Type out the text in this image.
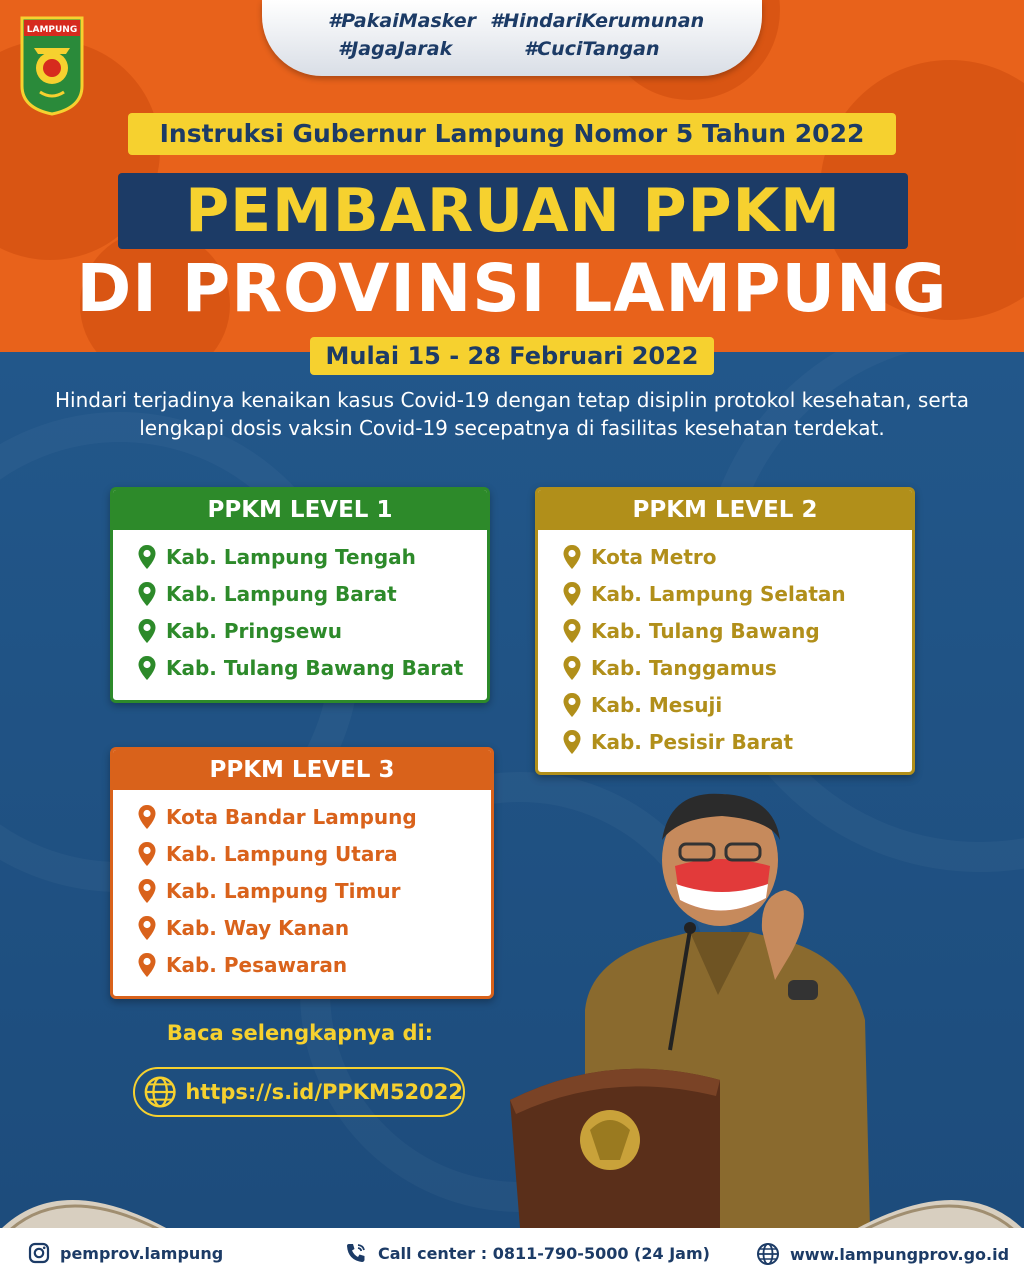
#PakaiMasker #HindariKerumunan
#JagaJarak	#CuciTangan
LAMPUNG
Instruksi Gubernur Lampung Nomor 5 Tahun 2022
PEMBARUAN PPKM
DI PROVINSI LAMPUNG
Mulai 15 - 28 Februari 2022
Hindari terjadinya kenaikan kasus Covid-19 dengan tetap disiplin protokol kesehatan, serta lengkapi dosis vaksin Covid-19 secepatnya di fasilitas kesehatan terdekat.
PPKM LEVEL 1
Kab. Lampung Tengah
Kab. Lampung Barat
Kab. Pringsewu
Kab. Tulang Bawang Barat
PPKM LEVEL 2
Kota Metro
Kab. Lampung Selatan
Kab. Tulang Bawang
Kab. Tanggamus
Kab. Mesuji
Kab. Pesisir Barat
PPKM LEVEL 3
Kota Bandar Lampung
Kab. Lampung Utara
Kab. Lampung Timur
Kab. Way Kanan
Kab. Pesawaran
Baca selengkapnya di:
https://s.id/PPKM52022
pemprov.lampung	Call center : 0811-790-5000 (24 Jam)	www.lampungprov.go.id
